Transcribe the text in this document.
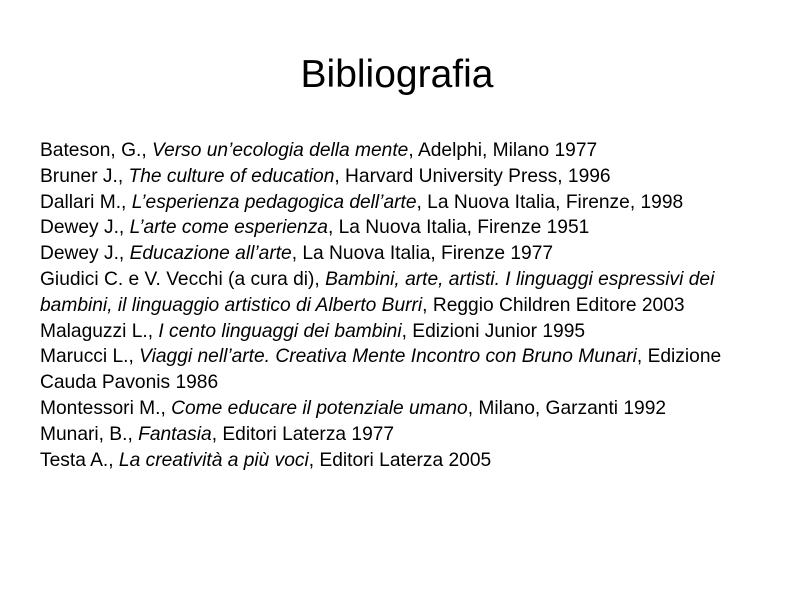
Bibliografia
Bateson, G., Verso un’ecologia della mente, Adelphi, Milano 1977
Bruner J., The culture of education, Harvard University Press, 1996
Dallari M., L’esperienza pedagogica dell’arte, La Nuova Italia, Firenze, 1998
Dewey J., L’arte come esperienza, La Nuova Italia, Firenze 1951
Dewey J., Educazione all’arte, La Nuova Italia, Firenze 1977
Giudici C. e V. Vecchi (a cura di), Bambini, arte, artisti. I linguaggi espressivi dei bambini, il linguaggio artistico di Alberto Burri, Reggio Children Editore 2003
Malaguzzi L., I cento linguaggi dei bambini, Edizioni Junior 1995
Marucci L., Viaggi nell’arte. Creativa Mente Incontro con Bruno Munari, Edizione Cauda Pavonis 1986
Montessori M., Come educare il potenziale umano, Milano, Garzanti 1992
Munari, B., Fantasia, Editori Laterza 1977
Testa A., La creatività a più voci, Editori Laterza 2005
